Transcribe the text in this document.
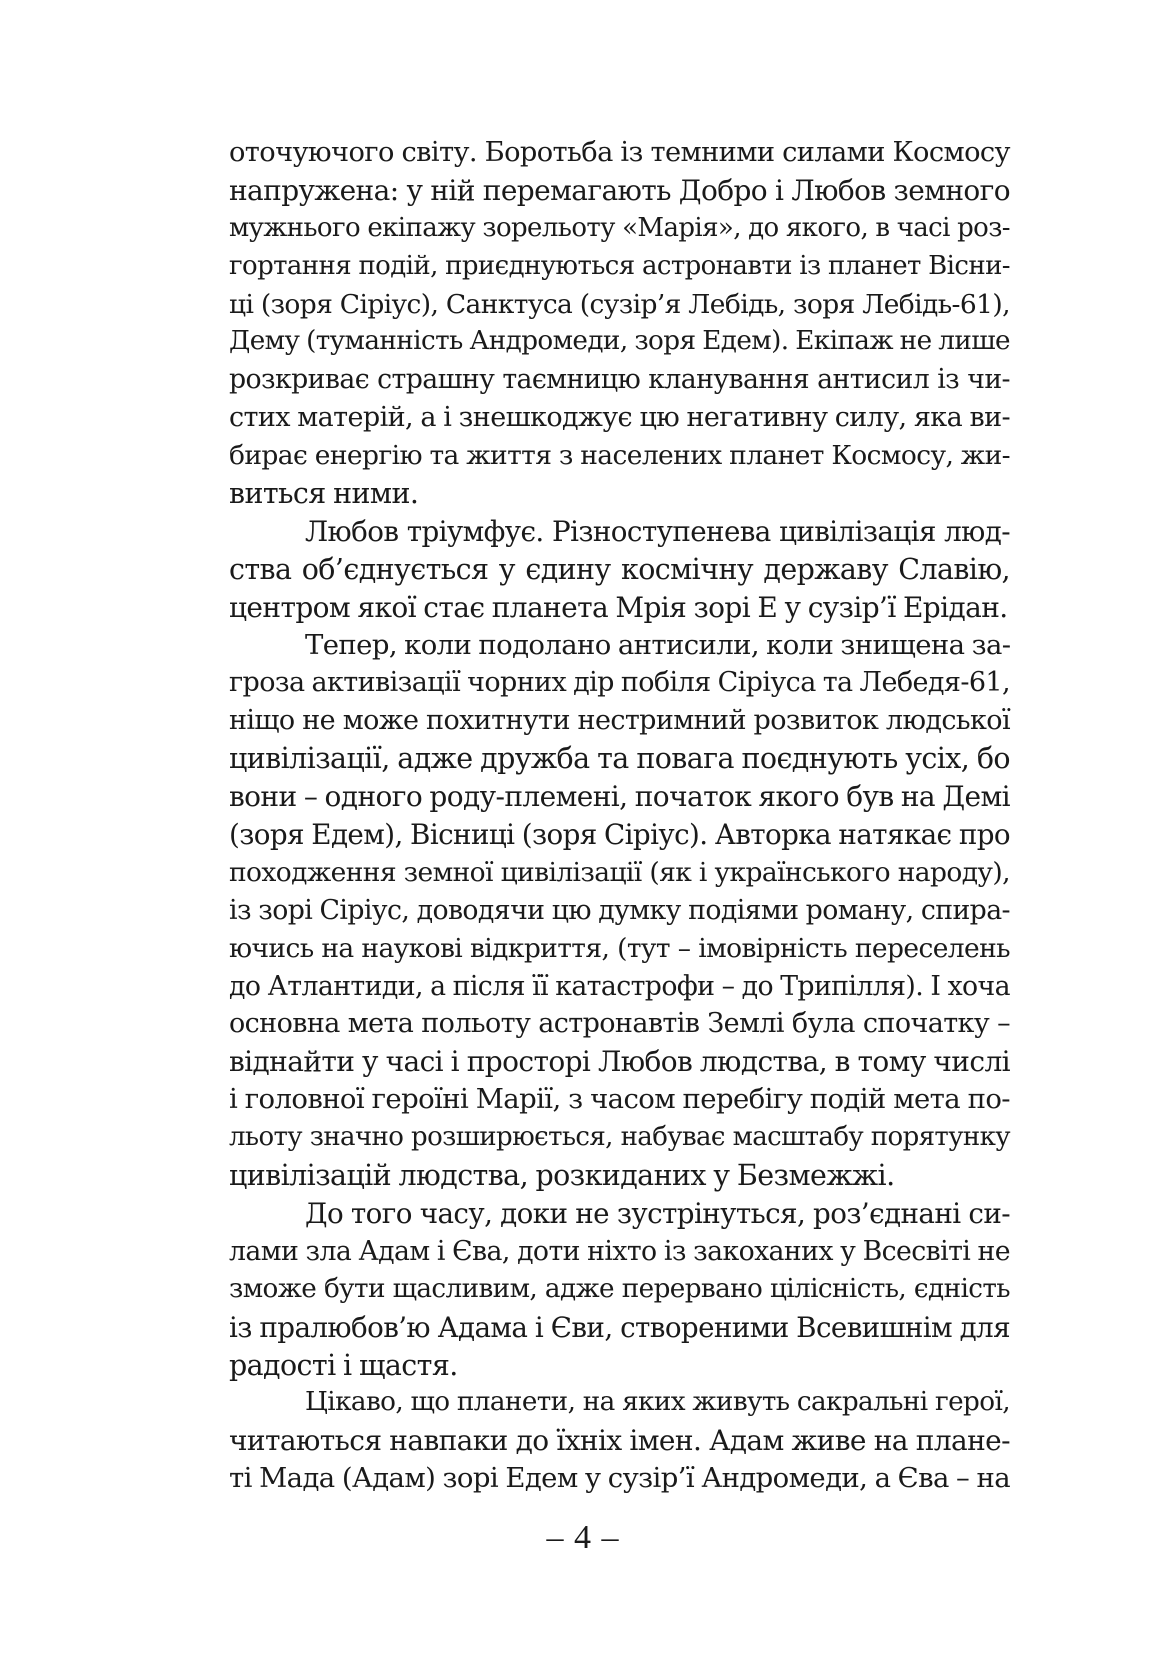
оточуючого світу. Боротьба із темними силами Космосу
напружена: у ній перемагають Добро і Любов земного
мужнього екіпажу зорельоту «Марія», до якого, в часі роз-
гортання подій, приєднуються астронавти із планет Вісни-
ці (зоря Сіріус), Санктуса (сузір’я Лебідь, зоря Лебідь-61),
Дему (туманність Андромеди, зоря Едем). Екіпаж не лише
розкриває страшну таємницю кланування антисил із чи-
стих матерій, а і знешкоджує цю негативну силу, яка ви-
бирає енергію та життя з населених планет Космосу, жи-
виться ними.
Любов тріумфує. Різноступенева цивілізація люд-
ства об’єднується у єдину космічну державу Славію,
центром якої стає планета Мрія зорі Е у сузір’ї Ерідан.
Тепер, коли подолано антисили, коли знищена за-
гроза активізації чорних дір побіля Сіріуса та Лебедя-61,
ніщо не може похитнути нестримний розвиток людської
цивілізації, адже дружба та повага поєднують усіх, бо
вони – одного роду-племені, початок якого був на Демі
(зоря Едем), Вісниці (зоря Сіріус). Авторка натякає про
походження земної цивілізації (як і українського народу),
із зорі Сіріус, доводячи цю думку подіями роману, спира-
ючись на наукові відкриття, (тут – імовірність переселень
до Атлантиди, а після її катастрофи – до Трипілля). І хоча
основна мета польоту астронавтів Землі була спочатку –
віднайти у часі і просторі Любов людства, в тому числі
і головної героїні Марії, з часом перебігу подій мета по-
льоту значно розширюється, набуває масштабу порятунку
цивілізацій людства, розкиданих у Безмежжі.
До того часу, доки не зустрінуться, роз’єднані си-
лами зла Адам і Єва, доти ніхто із закоханих у Всесвіті не
зможе бути щасливим, адже перервано цілісність, єдність
із пралюбов’ю Адама і Єви, створеними Всевишнім для
радості і щастя.
Цікаво, що планети, на яких живуть сакральні герої,
читаються навпаки до їхніх імен. Адам живе на плане-
ті Мада (Адам) зорі Едем у сузір’ї Андромеди, а Єва – на
– 4 –
